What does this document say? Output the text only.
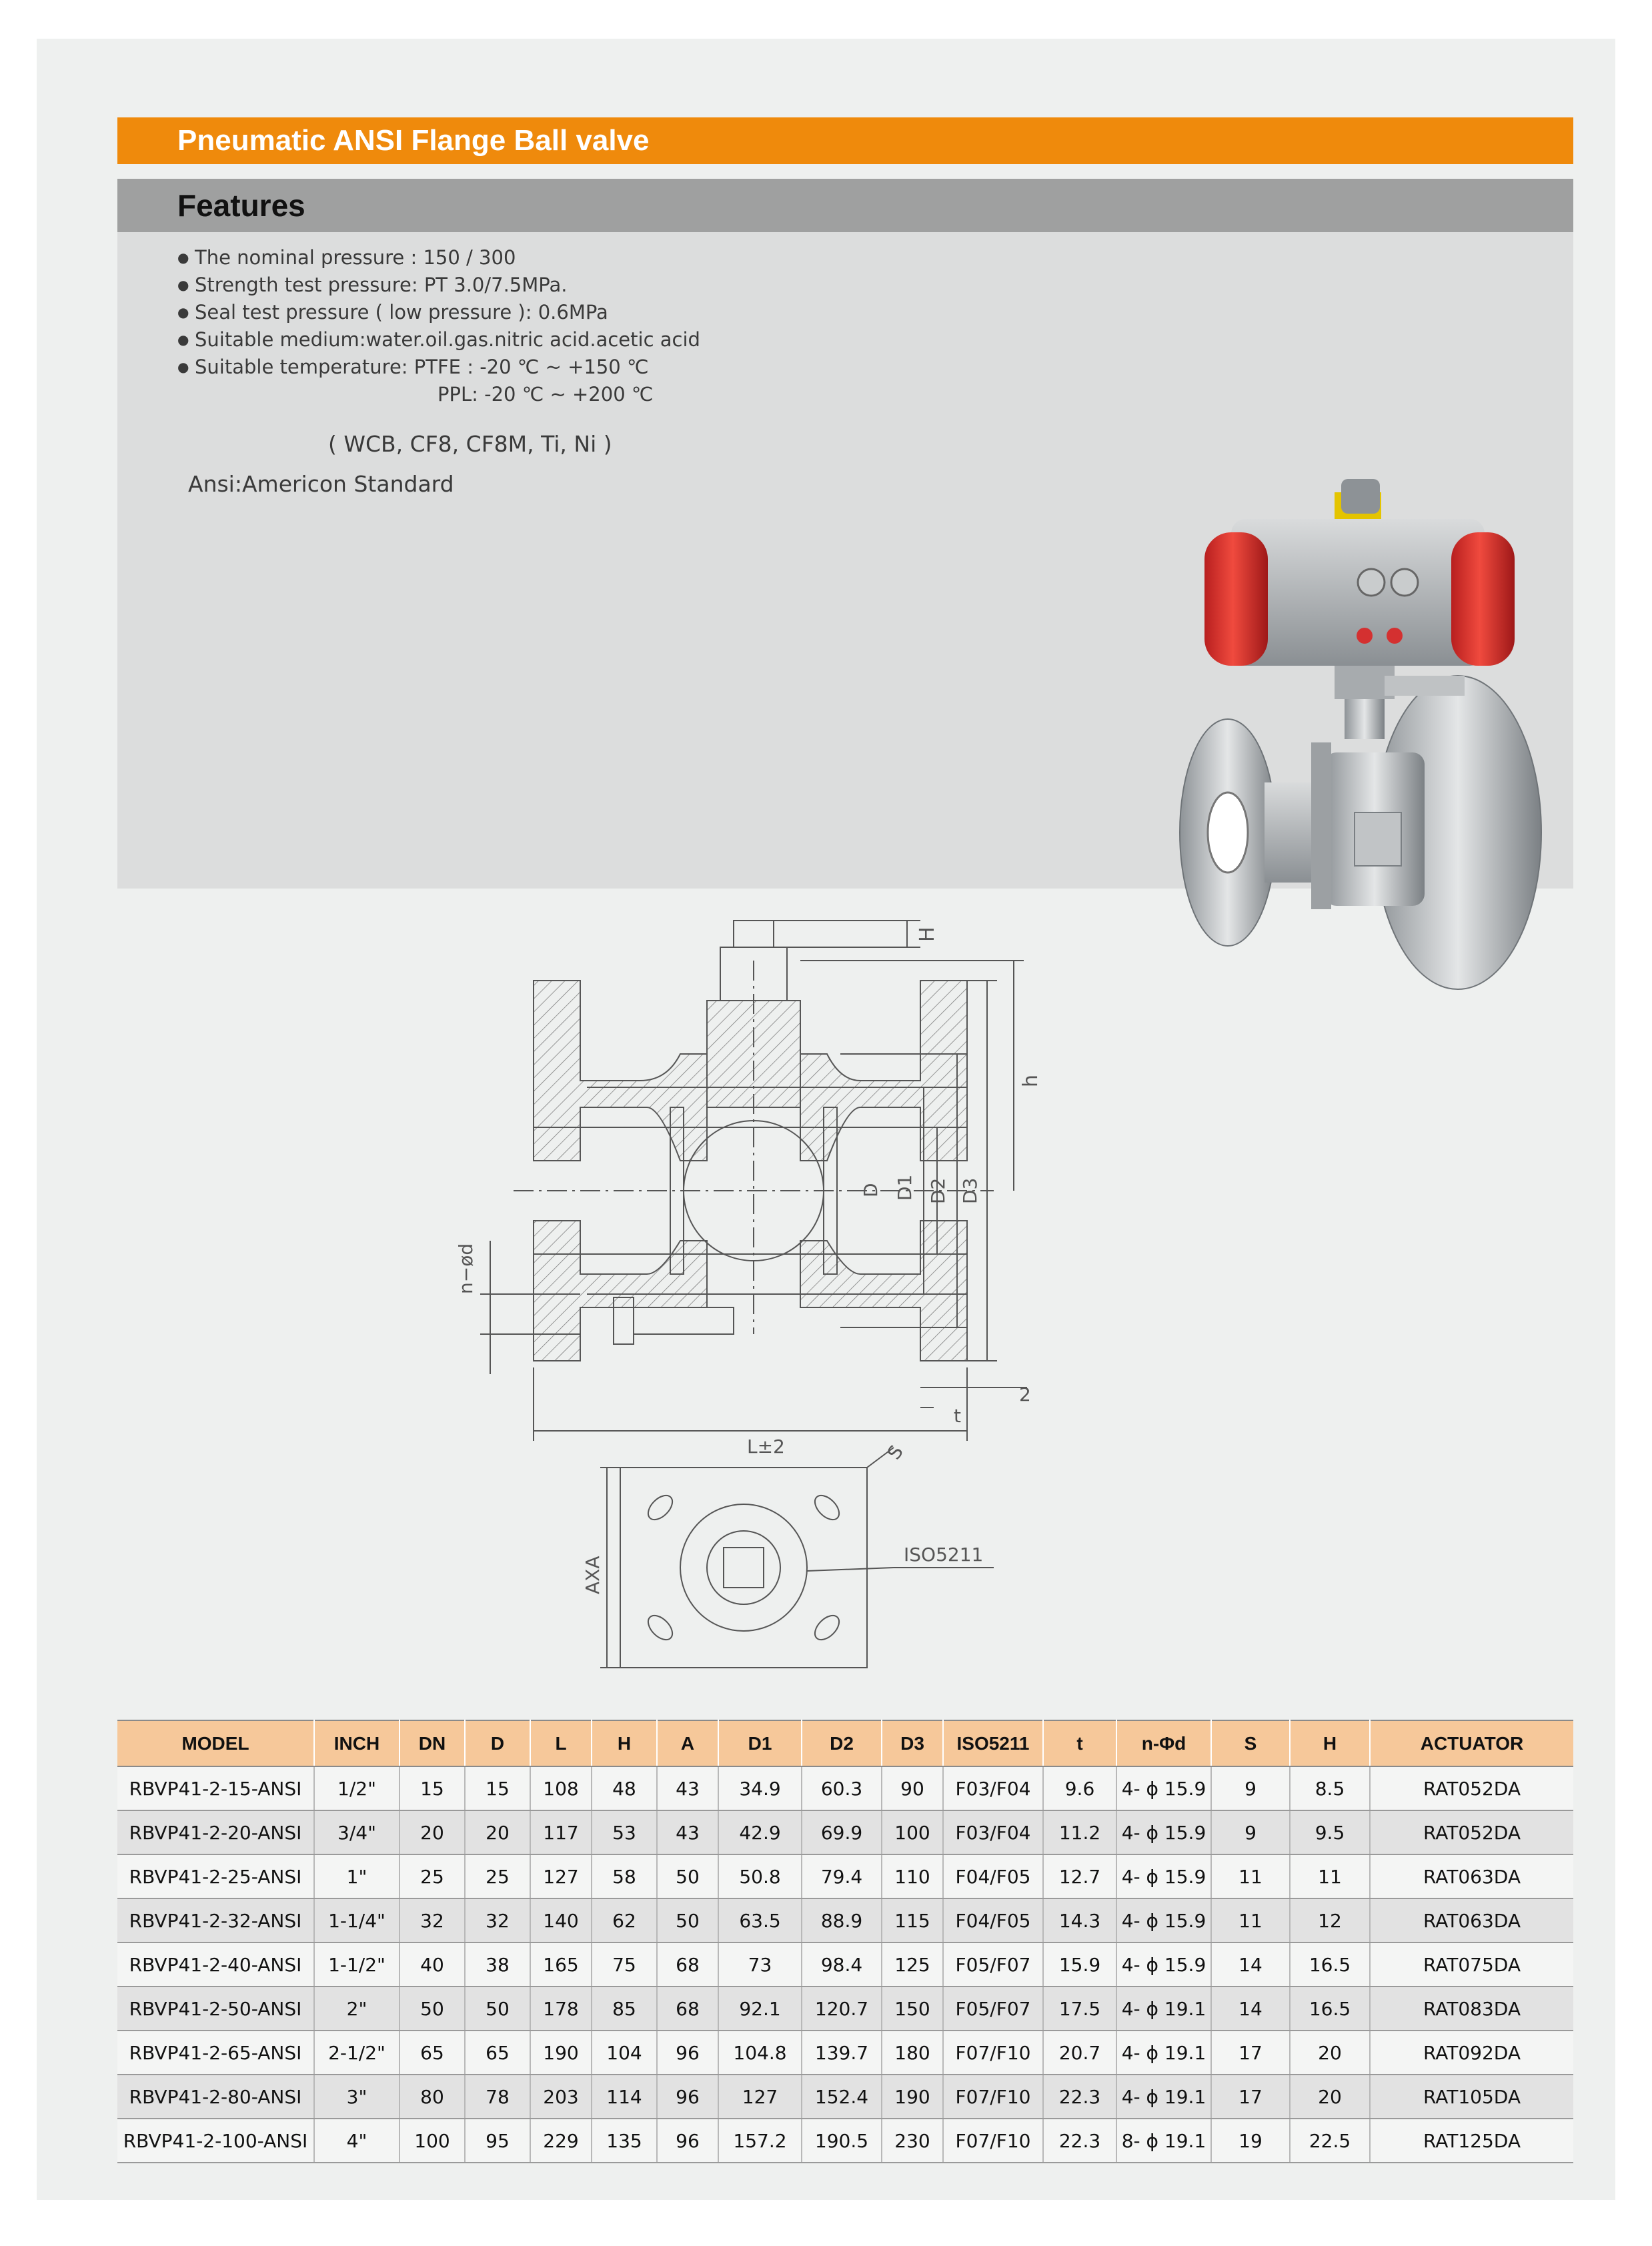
Pneumatic ANSI Flange Ball valve
Features
● The nominal pressure : 150 / 300
● Strength test pressure: PT 3.0/7.5MPa.
● Seal test pressure ( low pressure ): 0.6MPa
● Suitable medium:water.oil.gas.nitric acid.acetic acid
● Suitable temperature: PTFE : -20 ℃ ~ +150 ℃
PPL: -20 ℃ ~ +200 ℃
( WCB, CF8, CF8M, Ti, Ni )
Ansi:Americon Standard
H
h
D D1 D2 D3
n−ød
2
t
L±2	S
AXA
ISO5211
MODEL	INCH	DN	D	L	H	A	D1	D2	D3	ISO5211	t	n-Φd	S	H	ACTUATOR
RBVP41-2-15-ANSI	1/2"	15	15	108	48	43	34.9	60.3	90	F03/F04	9.6	4- ɸ 15.9	9	8.5	RAT052DA
RBVP41-2-20-ANSI	3/4"	20	20	117	53	43	42.9	69.9	100	F03/F04	11.2	4- ɸ 15.9	9	9.5	RAT052DA
RBVP41-2-25-ANSI	1"	25	25	127	58	50	50.8	79.4	110	F04/F05	12.7	4- ɸ 15.9	11	11	RAT063DA
RBVP41-2-32-ANSI	1-1/4"	32	32	140	62	50	63.5	88.9	115	F04/F05	14.3	4- ɸ 15.9	11	12	RAT063DA
RBVP41-2-40-ANSI	1-1/2"	40	38	165	75	68	73	98.4	125	F05/F07	15.9	4- ɸ 15.9	14	16.5	RAT075DA
RBVP41-2-50-ANSI	2"	50	50	178	85	68	92.1	120.7	150	F05/F07	17.5	4- ɸ 19.1	14	16.5	RAT083DA
RBVP41-2-65-ANSI	2-1/2"	65	65	190	104	96	104.8	139.7	180	F07/F10	20.7	4- ɸ 19.1	17	20	RAT092DA
RBVP41-2-80-ANSI	3"	80	78	203	114	96	127	152.4	190	F07/F10	22.3	4- ɸ 19.1	17	20	RAT105DA
RBVP41-2-100-ANSI	4"	100	95	229	135	96	157.2	190.5	230	F07/F10	22.3	8- ɸ 19.1	19	22.5	RAT125DA
